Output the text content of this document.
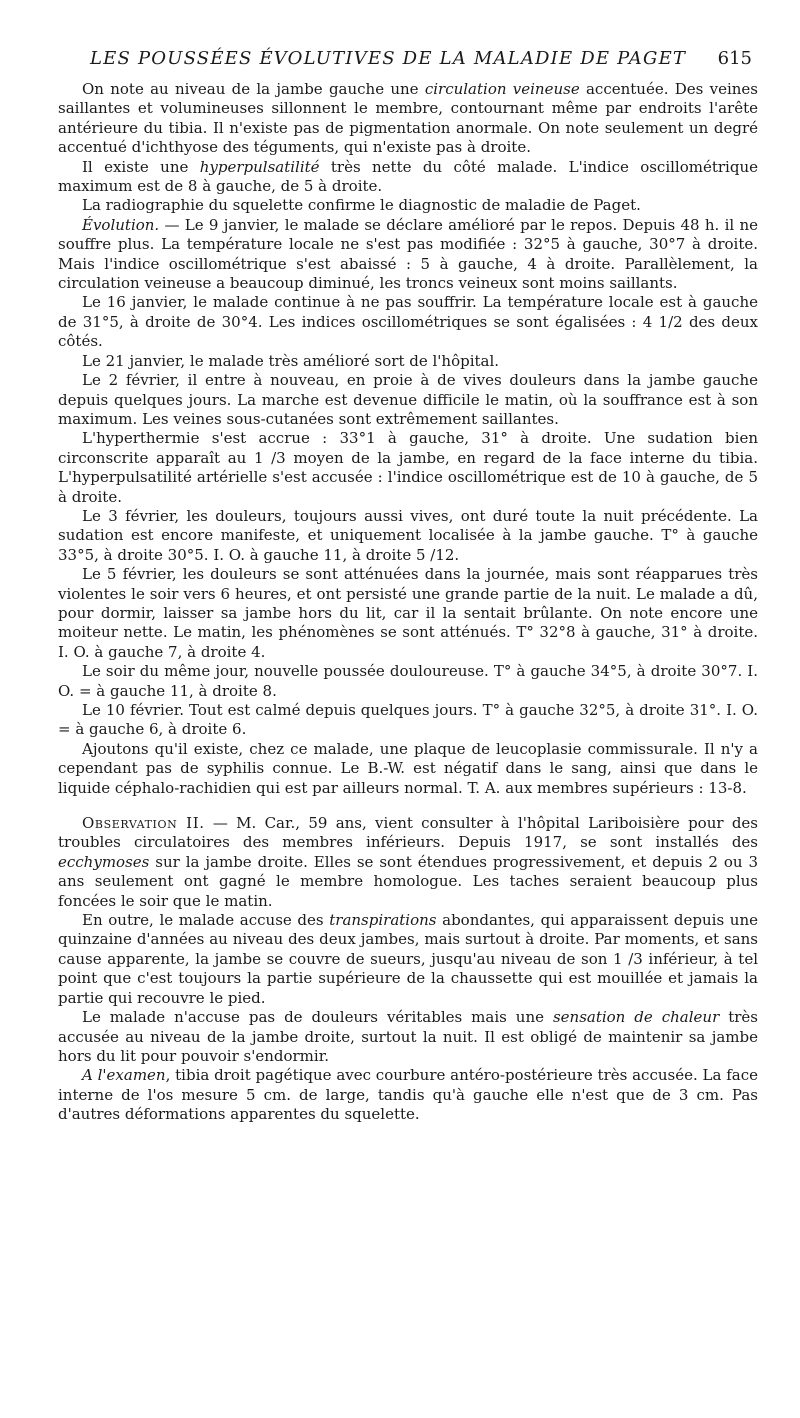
LES POUSSÉES ÉVOLUTIVES DE LA MALADIE DE PAGET 615

On note au niveau de la jambe gauche une circulation veineuse accentuée. Des veines saillantes et volumineuses sillonnent le membre, contournant même par endroits l'arête antérieure du tibia. Il n'existe pas de pigmentation anormale. On note seulement un degré accentué d'ichthyose des téguments, qui n'existe pas à droite.

Il existe une hyperpulsatilité très nette du côté malade. L'indice oscillométrique maximum est de 8 à gauche, de 5 à droite.

La radiographie du squelette confirme le diagnostic de maladie de Paget.

Évolution. — Le 9 janvier, le malade se déclare amélioré par le repos. Depuis 48 h. il ne souffre plus. La température locale ne s'est pas modifiée : 32°5 à gauche, 30°7 à droite. Mais l'indice oscillométrique s'est abaissé : 5 à gauche, 4 à droite. Parallèlement, la circulation veineuse a beaucoup diminué, les troncs veineux sont moins saillants.

Le 16 janvier, le malade continue à ne pas souffrir. La température locale est à gauche de 31°5, à droite de 30°4. Les indices oscillométriques se sont égalisées : 4 1/2 des deux côtés.

Le 21 janvier, le malade très amélioré sort de l'hôpital.

Le 2 février, il entre à nouveau, en proie à de vives douleurs dans la jambe gauche depuis quelques jours. La marche est devenue difficile le matin, où la souffrance est à son maximum. Les veines sous-cutanées sont extrêmement saillantes.

L'hyperthermie s'est accrue : 33°1 à gauche, 31° à droite. Une sudation bien circonscrite apparaît au 1 /3 moyen de la jambe, en regard de la face interne du tibia. L'hyperpulsatilité artérielle s'est accusée : l'indice oscillométrique est de 10 à gauche, de 5 à droite.

Le 3 février, les douleurs, toujours aussi vives, ont duré toute la nuit précédente. La sudation est encore manifeste, et uniquement localisée à la jambe gauche. T° à gauche 33°5, à droite 30°5. I. O. à gauche 11, à droite 5 /12.

Le 5 février, les douleurs se sont atténuées dans la journée, mais sont réapparues très violentes le soir vers 6 heures, et ont persisté une grande partie de la nuit. Le malade a dû, pour dormir, laisser sa jambe hors du lit, car il la sentait brûlante. On note encore une moiteur nette. Le matin, les phénomènes se sont atténués. T° 32°8 à gauche, 31° à droite. I. O. à gauche 7, à droite 4.

Le soir du même jour, nouvelle poussée douloureuse. T° à gauche 34°5, à droite 30°7. I. O. = à gauche 11, à droite 8.

Le 10 février. Tout est calmé depuis quelques jours. T° à gauche 32°5, à droite 31°. I. O. = à gauche 6, à droite 6.

Ajoutons qu'il existe, chez ce malade, une plaque de leucoplasie commissurale. Il n'y a cependant pas de syphilis connue. Le B.-W. est négatif dans le sang, ainsi que dans le liquide céphalo-rachidien qui est par ailleurs normal. T. A. aux membres supérieurs : 13-8.

Observation II. — M. Car., 59 ans, vient consulter à l'hôpital Lariboisière pour des troubles circulatoires des membres inférieurs. Depuis 1917, se sont installés des ecchymoses sur la jambe droite. Elles se sont étendues progressivement, et depuis 2 ou 3 ans seulement ont gagné le membre homologue. Les taches seraient beaucoup plus foncées le soir que le matin.

En outre, le malade accuse des transpirations abondantes, qui apparaissent depuis une quinzaine d'années au niveau des deux jambes, mais surtout à droite. Par moments, et sans cause apparente, la jambe se couvre de sueurs, jusqu'au niveau de son 1 /3 inférieur, à tel point que c'est toujours la partie supérieure de la chaussette qui est mouillée et jamais la partie qui recouvre le pied.

Le malade n'accuse pas de douleurs véritables mais une sensation de chaleur très accusée au niveau de la jambe droite, surtout la nuit. Il est obligé de maintenir sa jambe hors du lit pour pouvoir s'endormir.

A l'examen, tibia droit pagétique avec courbure antéro-postérieure très accusée. La face interne de l'os mesure 5 cm. de large, tandis qu'à gauche elle n'est que de 3 cm. Pas d'autres déformations apparentes du squelette.
